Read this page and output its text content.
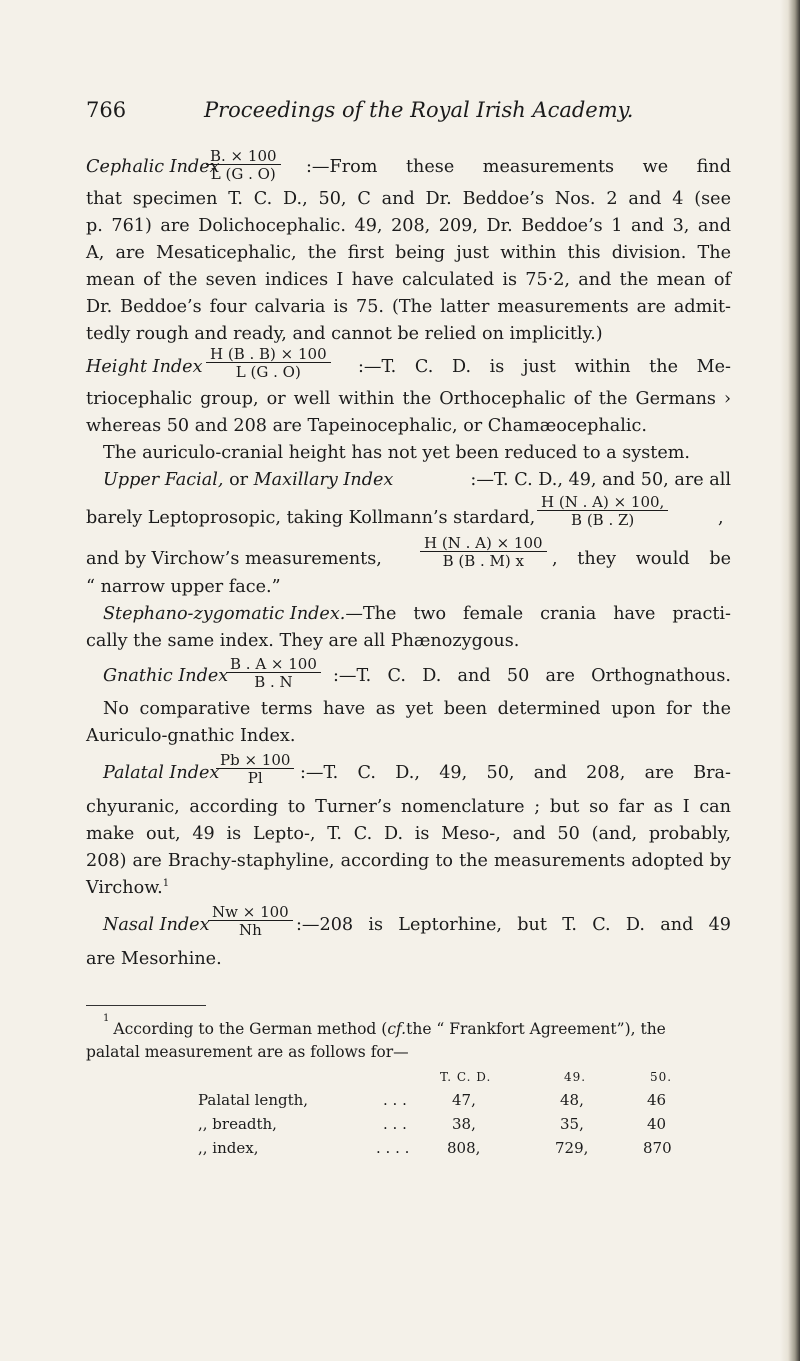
766	Proceedings of the Royal Irish Academy.
Cephalic Index
$\frac{B. \times 100}{L (G . O)}$ :—From these measurements we find
that specimen T. C. D., 50, C and Dr. Beddoe’s Nos. 2 and 4 (see
p. 761) are Dolichocephalic. 49, 208, 209, Dr. Beddoe’s 1 and 3, and
A, are Mesaticephalic, the first being just within this division. The
mean of the seven indices I have calculated is 75·2, and the mean of
Dr. Beddoe’s four calvaria is 75. (The latter measurements are admit-
tedly rough and ready, and cannot be relied on implicitly.)
Height Index $\frac{H (B . B) \times 100}{L (G . O)}$ :—T. C. D. is just within the Me-
triocephalic group, or well within the Orthocephalic of the Germans ›
whereas 50 and 208 are Tapeinocephalic, or Chamæocephalic.
The auriculo-cranial height has not yet been reduced to a system.
Upper Facial, or Maxillary Index	:—T. C. D., 49, and 50, are all
barely Leptoprosopic, taking Kollmann’s stardard, $\frac{H (N . A) \times 100,}{B (B . Z)}$	,
and by Virchow’s measurements,	$\frac{H (N . A) \times 100}{B (B . M) x}$ , they would be
“ narrow upper face.”
Stephano-zygomatic Index. —The two female crania have practi-
cally the same index. They are all Phænozygous.
Gnathic Index
$\frac{B . A \times 100}{B . N}$ :—T. C. D. and 50 are Orthognathous.
No comparative terms have as yet been determined upon for the
Auriculo-gnathic Index.
Palatal Index
$\frac{Pb \times 100}{Pl}$ :—T. C. D., 49, 50, and 208, are Bra-
chyuranic, according to Turner’s nomenclature ; but so far as I can
make out, 49 is Lepto-, T. C. D. is Meso-, and 50 (and, probably,
208) are Brachy-staphyline, according to the measurements adopted by
Virchow.$^1$
Nasal Index
$\frac{Nw \times 100}{Nh}$ :—208 is Leptorhine, but T. C. D. and 49
are Mesorhine.
1
According to the German method ( cf. the “ Frankfort Agreement”), the
palatal measurement are as follows for—
T. C. D.	49.	50.
Palatal length,	. . .	47,	48,	46
,, breadth,	. . .	38,	35,	40
,, index,	. . . .	808,	729,	870
